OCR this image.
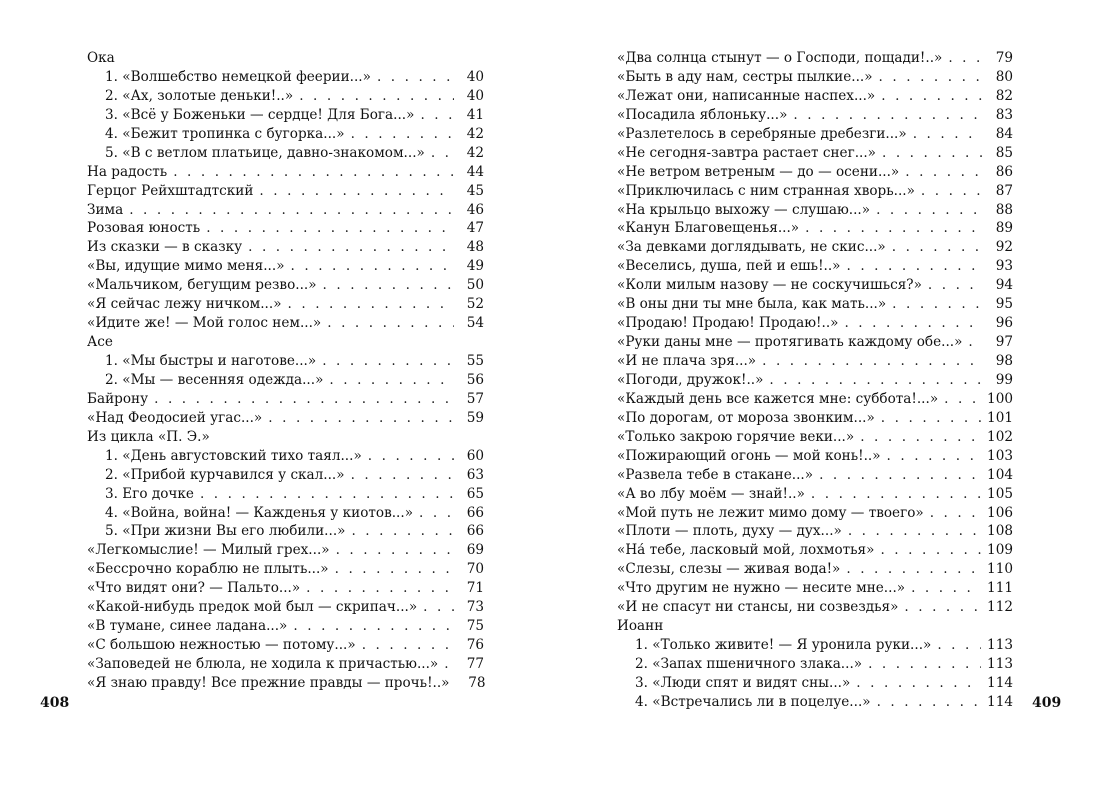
Ока
1. «Волшебство немецкой феерии...» . . .	40
2. «Ах, золотые деньки!..» . . .	40
3. «Всё у Боженьки — сердце! Для Бога...» . . .	41
4. «Бежит тропинка с бугорка...» . . .	42
5. «В с ветлом платьице, давно-знакомом...» . . .	42
На радость . . .	44
Герцог Рейхштадтский . . .	45
Зима . . .	46
Розовая юность . . .	47
Из сказки — в сказку . . .	48
«Вы, идущие мимо меня...» . . .	49
«Мальчиком, бегущим резво...» . . .	50
«Я сейчас лежу ничком...» . . .	52
«Идите же! — Мой голос нем...» . . .	54
Асе
1. «Мы быстры и наготове...» . . .	55
2. «Мы — весенняя одежда...» . . .	56
Байрону . . .	57
«Над Феодосией угас...» . . .	59
Из цикла «П. Э.»
1. «День августовский тихо таял...» . . .	60
2. «Прибой курчавился у скал...» . . .	63
3. Его дочке . . .	65
4. «Война, война! — Кажденья у киотов...» . . .	66
5. «При жизни Вы его любили...» . . .	66
«Легкомыслие! — Милый грех...» . . .	69
«Бессрочно кораблю не плыть...» . . .	70
«Что видят они? — Пальто...» . . .	71
«Какой-нибудь предок мой был — скрипач...» . . .	73
«В тумане, синее ладана...» . . .	75
«С большою нежностью — потому...» . . .	76
«Заповедей не блюла, не ходила к причастью...» . . .	77
«Я знаю правду! Все прежние правды — прочь!..»	78
«Два солнца стынут — о Господи, пощади!..» . . .	79
«Быть в аду нам, сестры пылкие...» . . .	80
«Лежат они, написанные наспех...» . . .	82
«Посадила яблоньку...» . . .	83
«Разлетелось в серебряные дребезги...» . . .	84
«Не сегодня-завтра растает снег...» . . .	85
«Не ветром ветреным — до — осени...» . . .	86
«Приключилась с ним странная хворь...» . . .	87
«На крыльцо выхожу — слушаю...» . . .	88
«Канун Благовещенья...» . . .	89
«За девками доглядывать, не скис...» . . .	92
«Веселись, душа, пей и ешь!..» . . .	93
«Коли милым назову — не соскучишься?» . . .	94
«В оны дни ты мне была, как мать...» . . .	95
«Продаю! Продаю! Продаю!..» . . .	96
«Руки даны мне — протягивать каждому обе...» . . .	97
«И не плача зря...» . . .	98
«Погоди, дружок!..» . . .	99
«Каждый день все кажется мне: суббота!...» . . .	100
«По дорогам, от мороза звонким...» . . .	101
«Только закрою горячие веки...» . . .	102
«Пожирающий огонь — мой конь!..» . . .	103
«Развела тебе в стакане...» . . .	104
«А во лбу моём — знай!..» . . .	105
«Мой путь не лежит мимо дому — твоего» . . .	106
«Плоти — плоть, духу — дух...» . . .	108
«На́ тебе, ласковый мой, лохмотья» . . .	109
«Слезы, слезы — живая вода!» . . .	110
«Что другим не нужно — несите мне...» . . .	111
«И не спасут ни стансы, ни созвездья» . . .	112
Иоанн
1. «Только живите! — Я уронила руки...» . . .	113
2. «Запах пшеничного злака...» . . .	113
3. «Люди спят и видят сны...» . . .	114
4. «Встречались ли в поцелуе...» . . .	114
408	409
